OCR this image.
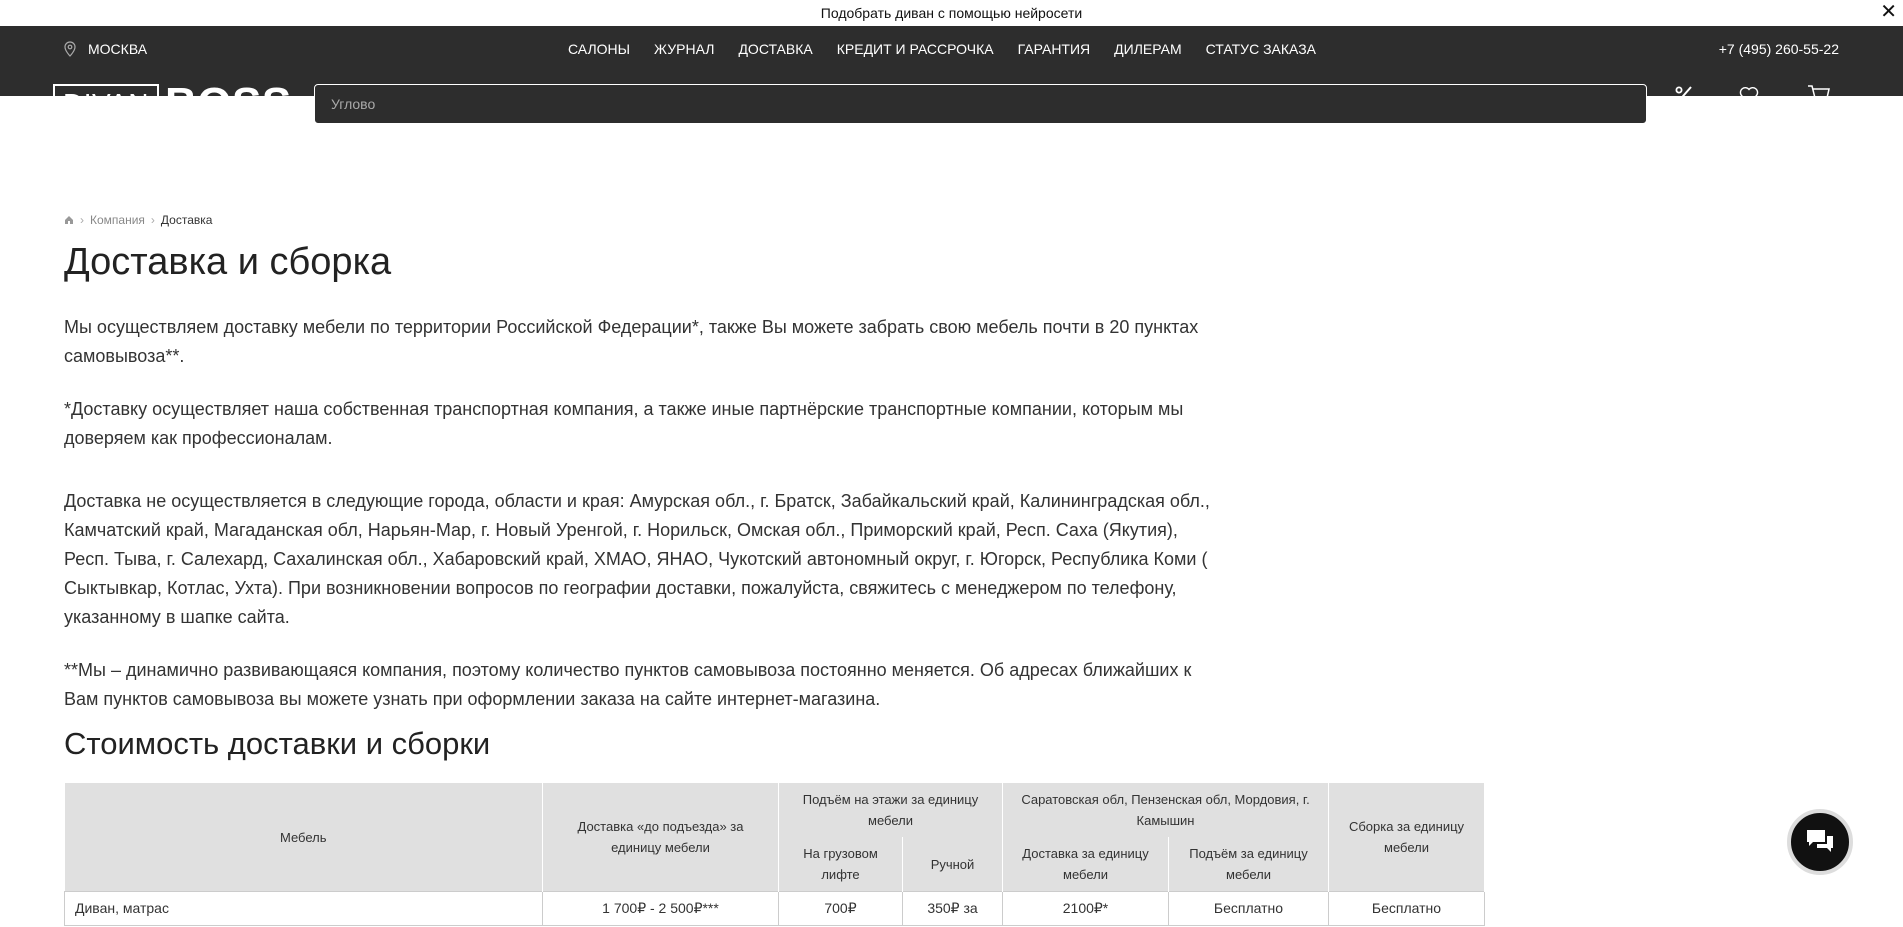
Подобрать диван с помощью нейросети	✕
МОСКВА	САЛОНЫ ЖУРНАЛ ДОСТАВКА КРЕДИТ И РАССРОЧКА ГАРАНТИЯ ДИЛЕРАМ СТАТУС ЗАКАЗА	+7 (495) 260-55-22
DIVAN BOSS
Углово	Акции	Избранное	Корзина
РАСПРОДАЖА	ЛИКВИДАЦИЯ МЕБЕЛИ	ДИВАНЫ	КРОВАТИ	МАТРАСЫ	СТЕНКИ	ШКАФЫ	ТУМБЫ	КОМОДЫ	АКСЕССУАРЫ ДЛЯ СНА	СТОЛЫ	СТУЛЬЯ	КРЕСЛА	ПУФЫ
› Компания › Доставка
Доставка и сборка

Мы осуществляем доставку мебели по территории Российской Федерации*, также Вы можете забрать свою мебель почти в 20 пунктах самовывоза**.

*Доставку осуществляет наша собственная транспортная компания, а также иные партнёрские транспортные компании, которым мы доверяем как профессионалам.

Доставка не осуществляется в следующие города, области и края: Амурская обл., г. Братск, Забайкальский край, Калининградская обл., Камчатский край, Магаданская обл, Нарьян-Мар, г. Новый Уренгой, г. Норильск, Омская обл., Приморский край, Респ. Саха (Якутия), Респ. Тыва, г. Салехард, Сахалинская обл., Хабаровский край, ХМАО, ЯНАО, Чукотский автономный округ, г. Югорск, Республика Коми ( Сыктывкар, Котлас, Ухта). При возникновении вопросов по географии доставки, пожалуйста, свяжитесь с менеджером по телефону, указанному в шапке сайта.

**Мы – динамично развивающаяся компания, поэтому количество пунктов самовывоза постоянно меняется. Об адресах ближайших к Вам пунктов самовывоза вы можете узнать при оформлении заказа на сайте интернет-магазина.

Стоимость доставки и сборки
Мебель	Доставка «до подъезда» за единицу мебели	Подъём на этажи за единицу мебели		Саратовская обл, Пензенская обл, Мордовия, г. Камышин		Сборка за единицу мебели
		На грузовом лифте	Ручной	Доставка за единицу мебели	Подъём за единицу мебели	
Диван, матрас	1 700₽ - 2 500₽***	700₽	350₽ за	2100₽*	Бесплатно	Бесплатно
